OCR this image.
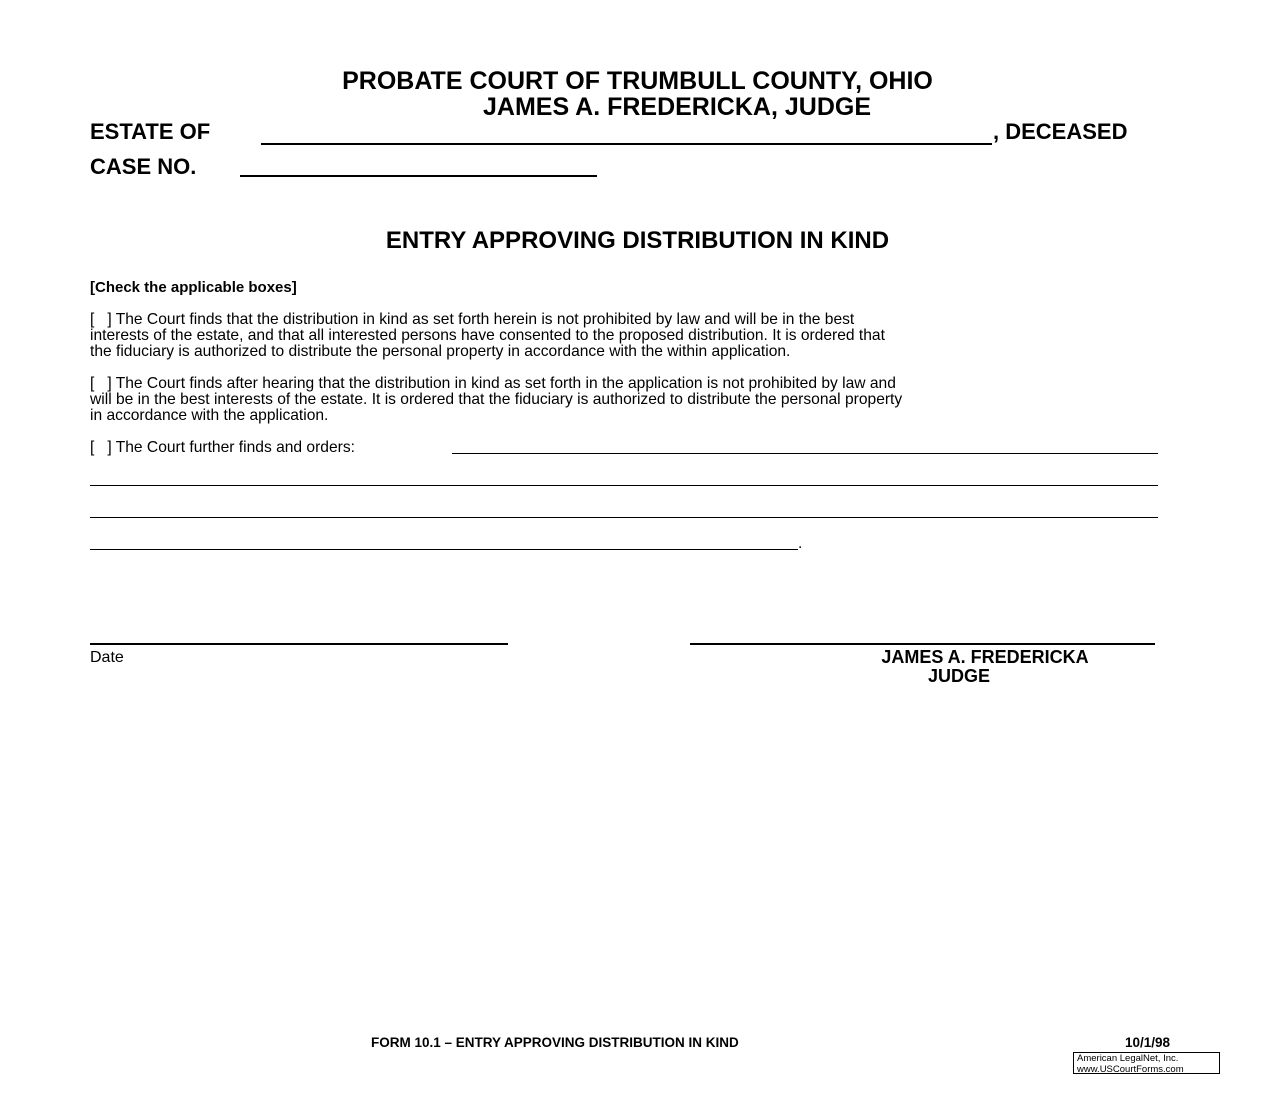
PROBATE COURT OF TRUMBULL COUNTY, OHIO
JAMES A. FREDERICKA, JUDGE
ESTATE OF	, DECEASED
CASE NO.
ENTRY APPROVING DISTRIBUTION IN KIND
[Check the applicable boxes]
[   ] The Court finds that the distribution in kind as set forth herein is not prohibited by law and will be in the best
interests of the estate, and that all interested persons have consented to the proposed distribution. It is ordered that
the fiduciary is authorized to distribute the personal property in accordance with the within application.
[   ] The Court finds after hearing that the distribution in kind as set forth in the application is not prohibited by law and
will be in the best interests of the estate. It is ordered that the fiduciary is authorized to distribute the personal property
in accordance with the application.
[   ] The Court further finds and orders:
.
Date	JAMES A. FREDERICKA
JUDGE
FORM 10.1 – ENTRY APPROVING DISTRIBUTION IN KIND	10/1/98
American LegalNet, Inc.
www.USCourtForms.com
